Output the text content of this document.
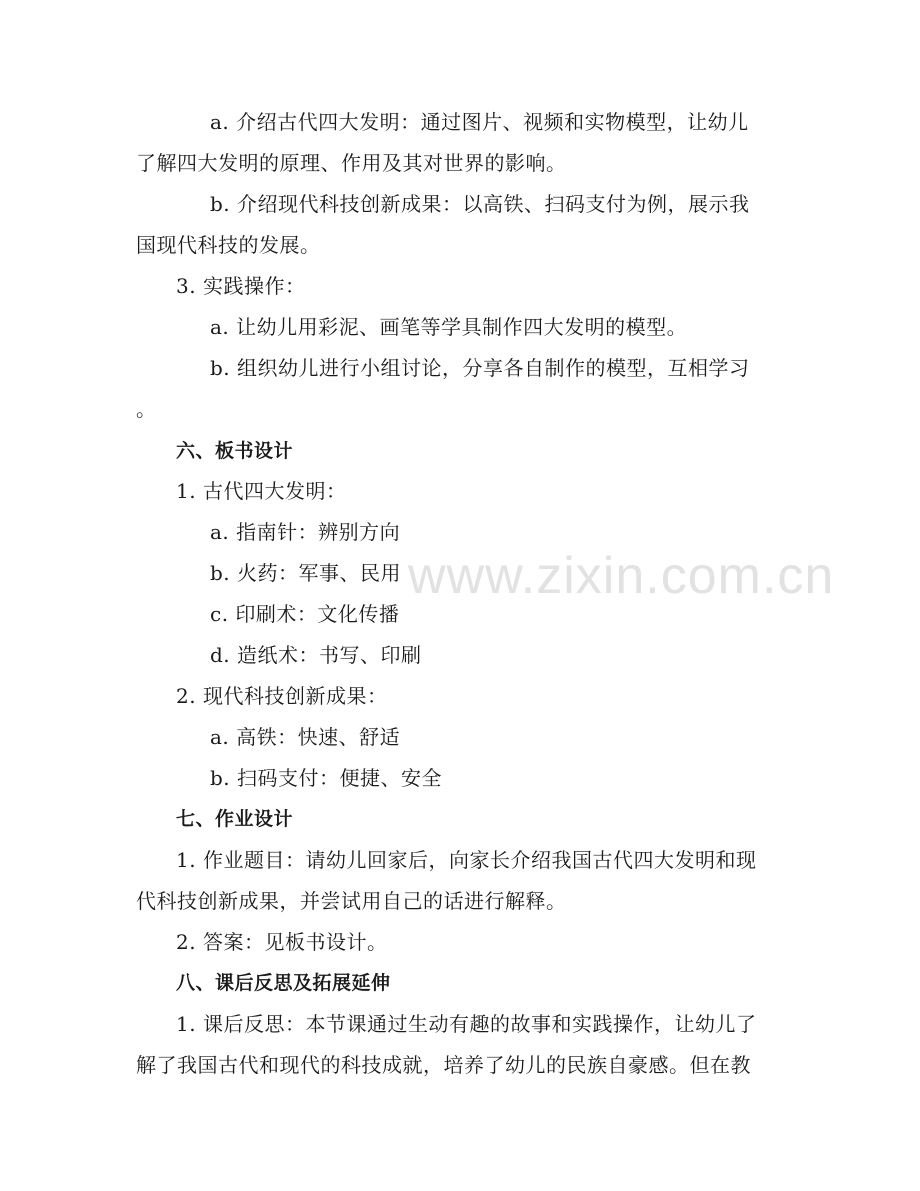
www.zixin.com.cn
a. 介绍古代四大发明：通过图片、视频和实物模型，让幼儿
了解四大发明的原理、作用及其对世界的影响。
b. 介绍现代科技创新成果：以高铁、扫码支付为例，展示我
国现代科技的发展。
3. 实践操作：
a. 让幼儿用彩泥、画笔等学具制作四大发明的模型。
b. 组织幼儿进行小组讨论，分享各自制作的模型，互相学习
。
六、板书设计
1. 古代四大发明：
a. 指南针：辨别方向
b. 火药：军事、民用
c. 印刷术：文化传播
d. 造纸术：书写、印刷
2. 现代科技创新成果：
a. 高铁：快速、舒适
b. 扫码支付：便捷、安全
七、作业设计
1. 作业题目：请幼儿回家后，向家长介绍我国古代四大发明和现
代科技创新成果，并尝试用自己的话进行解释。
2. 答案：见板书设计。
八、课后反思及拓展延伸
1. 课后反思：本节课通过生动有趣的故事和实践操作，让幼儿了
解了我国古代和现代的科技成就，培养了幼儿的民族自豪感。但在教
